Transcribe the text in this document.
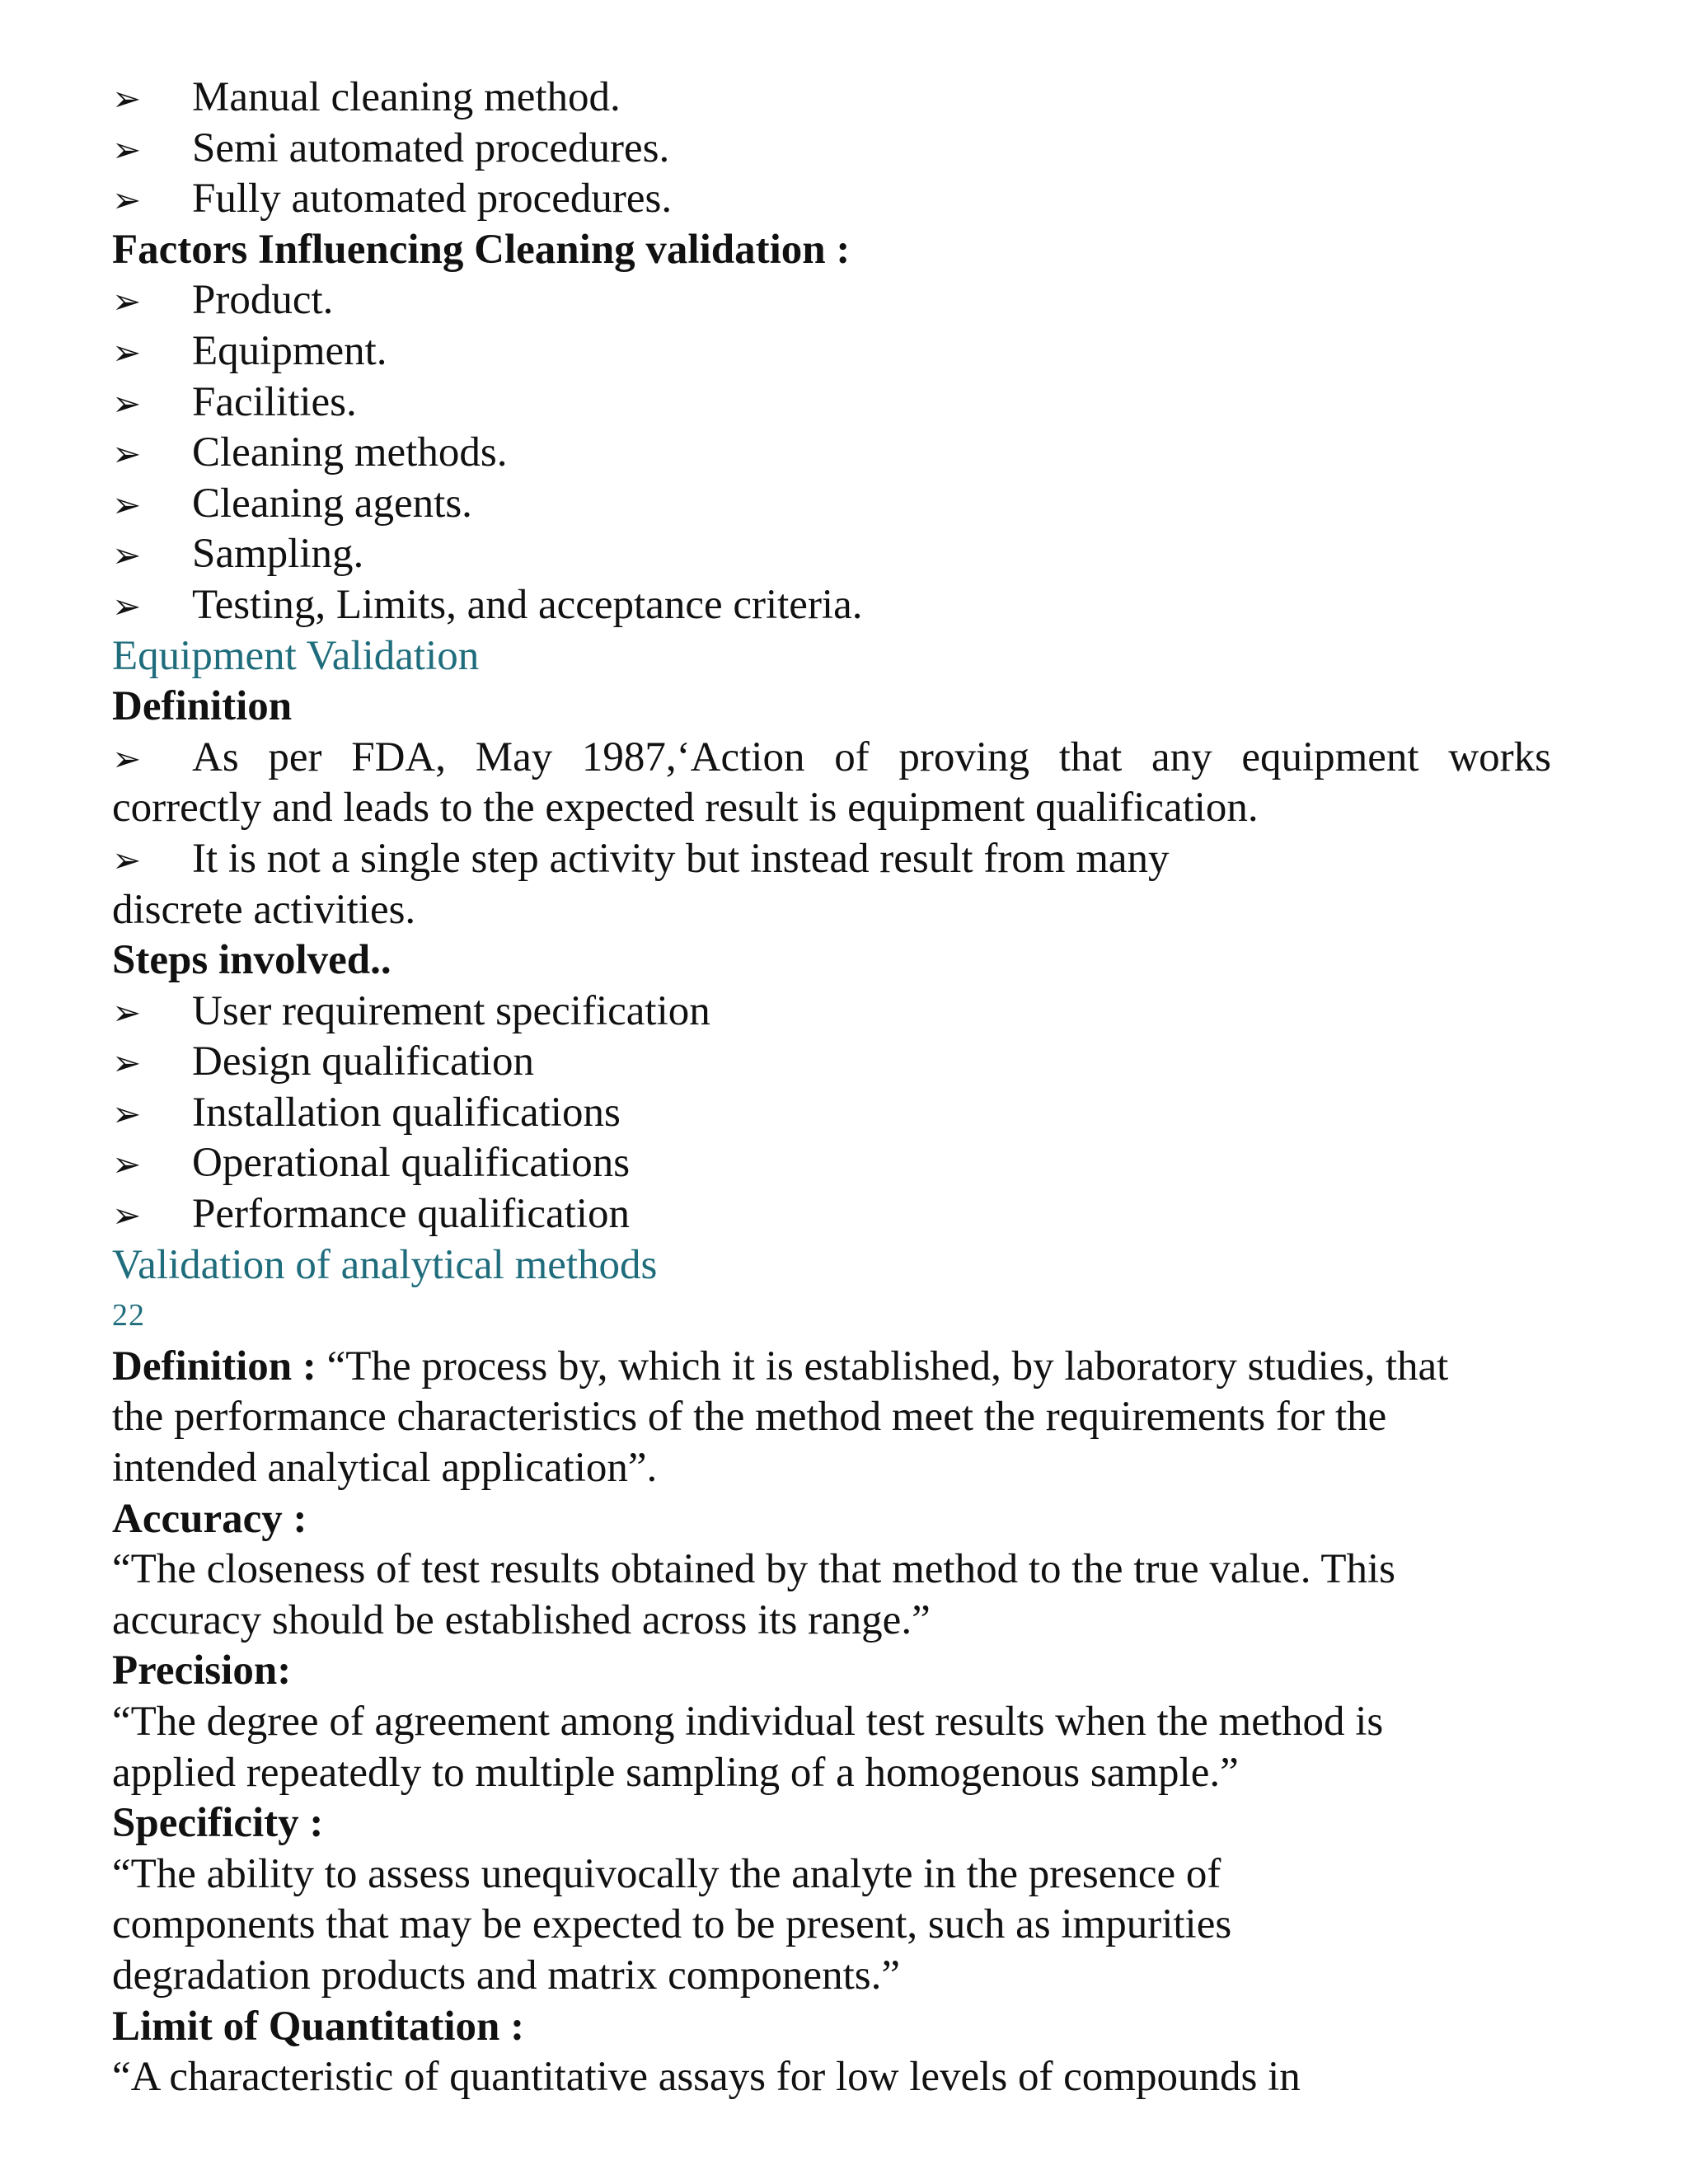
➢	Manual cleaning method.
➢	Semi automated procedures.
➢	Fully automated procedures.
Factors Influencing Cleaning validation :
➢	Product.
➢	Equipment.
➢	Facilities.
➢	Cleaning methods.
➢	Cleaning agents.
➢	Sampling.
➢	Testing, Limits, and acceptance criteria.
Equipment Validation
Definition
➢	As per FDA, May 1987,‘Action of proving that any equipment works
correctly and leads to the expected result is equipment qualification.
➢	It is not a single step activity but instead result from many
discrete activities.
Steps involved..
➢	User requirement specification
➢	Design qualification
➢	Installation qualifications
➢	Operational qualifications
➢	Performance qualification
Validation of analytical methods
22
Definition : “The process by, which it is established, by laboratory studies, that
the performance characteristics of the method meet the requirements for the
intended analytical application”.
Accuracy :
“The closeness of test results obtained by that method to the true value. This
accuracy should be established across its range.”
Precision:
“The degree of agreement among individual test results when the method is
applied repeatedly to multiple sampling of a homogenous sample.”
Specificity :
“The ability to assess unequivocally the analyte in the presence of
components that may be expected to be present, such as impurities
degradation products and matrix components.”
Limit of Quantitation :
“A characteristic of quantitative assays for low levels of compounds in
